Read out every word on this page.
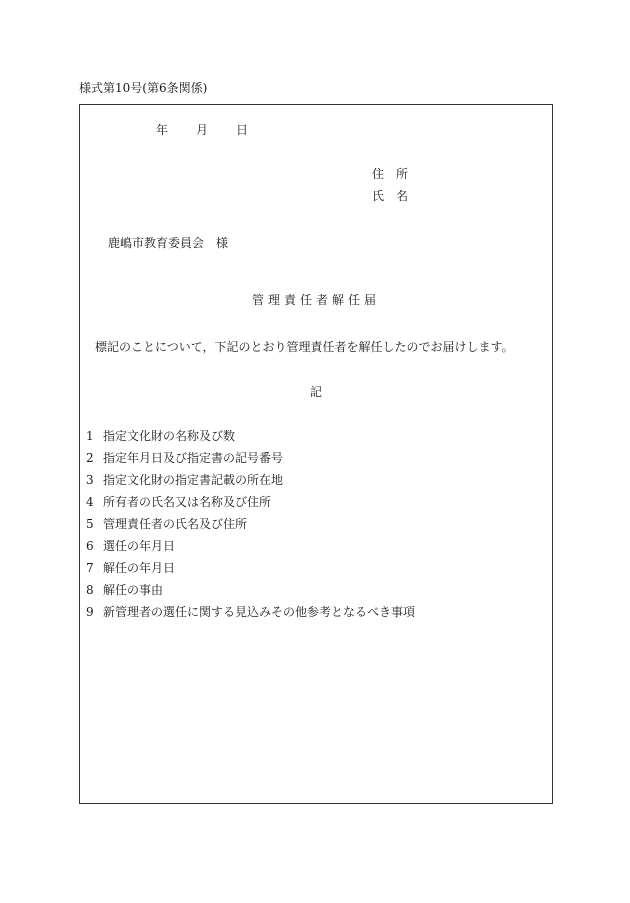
様式第10号(第6条関係)
年 月 日
住　所
氏　名
鹿嶋市教育委員会　様
管理責任者解任届
標記のことについて，下記のとおり管理責任者を解任したのでお届けします。
記
1 指定文化財の名称及び数
2 指定年月日及び指定書の記号番号
3 指定文化財の指定書記載の所在地
4 所有者の氏名又は名称及び住所
5 管理責任者の氏名及び住所
6 選任の年月日
7 解任の年月日
8 解任の事由
9 新管理者の選任に関する見込みその他参考となるべき事項
